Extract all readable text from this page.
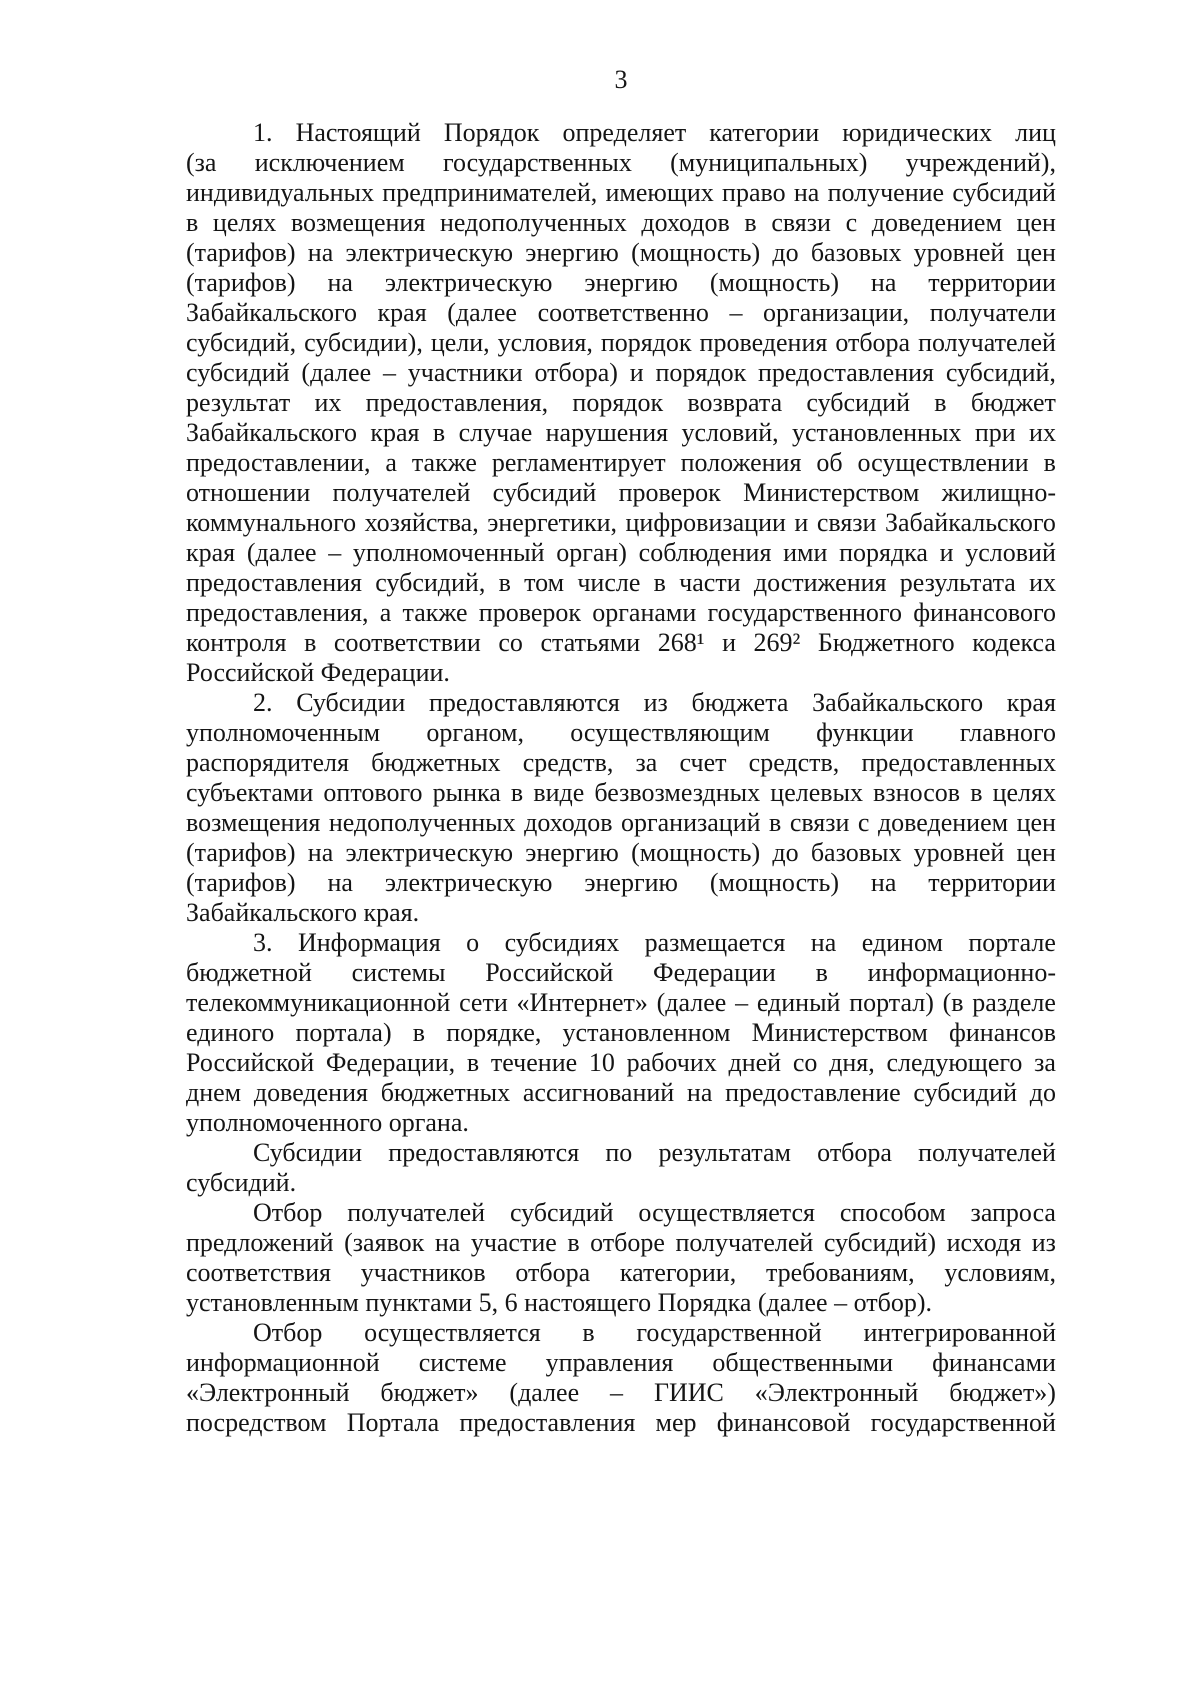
3
1. Настоящий Порядок определяет категории юридических лиц
(за исключением государственных (муниципальных) учреждений),
индивидуальных предпринимателей, имеющих право на получение субсидий
в целях возмещения недополученных доходов в связи с доведением цен
(тарифов) на электрическую энергию (мощность) до базовых уровней цен
(тарифов) на электрическую энергию (мощность) на территории
Забайкальского края (далее соответственно – организации, получатели
субсидий, субсидии), цели, условия, порядок проведения отбора получателей
субсидий (далее – участники отбора) и порядок предоставления субсидий,
результат их предоставления, порядок возврата субсидий в бюджет
Забайкальского края в случае нарушения условий, установленных при их
предоставлении, а также регламентирует положения об осуществлении в
отношении получателей субсидий проверок Министерством жилищно-
коммунального хозяйства, энергетики, цифровизации и связи Забайкальского
края (далее – уполномоченный орган) соблюдения ими порядка и условий
предоставления субсидий, в том числе в части достижения результата их
предоставления, а также проверок органами государственного финансового
контроля в соответствии со статьями 268¹ и 269² Бюджетного кодекса
Российской Федерации.
2. Субсидии предоставляются из бюджета Забайкальского края
уполномоченным органом, осуществляющим функции главного
распорядителя бюджетных средств, за счет средств, предоставленных
субъектами оптового рынка в виде безвозмездных целевых взносов в целях
возмещения недополученных доходов организаций в связи с доведением цен
(тарифов) на электрическую энергию (мощность) до базовых уровней цен
(тарифов) на электрическую энергию (мощность) на территории
Забайкальского края.
3. Информация о субсидиях размещается на едином портале
бюджетной системы Российской Федерации в информационно-
телекоммуникационной сети «Интернет» (далее – единый портал) (в разделе
единого портала) в порядке, установленном Министерством финансов
Российской Федерации, в течение 10 рабочих дней со дня, следующего за
днем доведения бюджетных ассигнований на предоставление субсидий до
уполномоченного органа.
Субсидии предоставляются по результатам отбора получателей
субсидий.
Отбор получателей субсидий осуществляется способом запроса
предложений (заявок на участие в отборе получателей субсидий) исходя из
соответствия участников отбора категории, требованиям, условиям,
установленным пунктами 5, 6 настоящего Порядка (далее – отбор).
Отбор осуществляется в государственной интегрированной
информационной системе управления общественными финансами
«Электронный бюджет» (далее – ГИИС «Электронный бюджет»)
посредством Портала предоставления мер финансовой государственной
